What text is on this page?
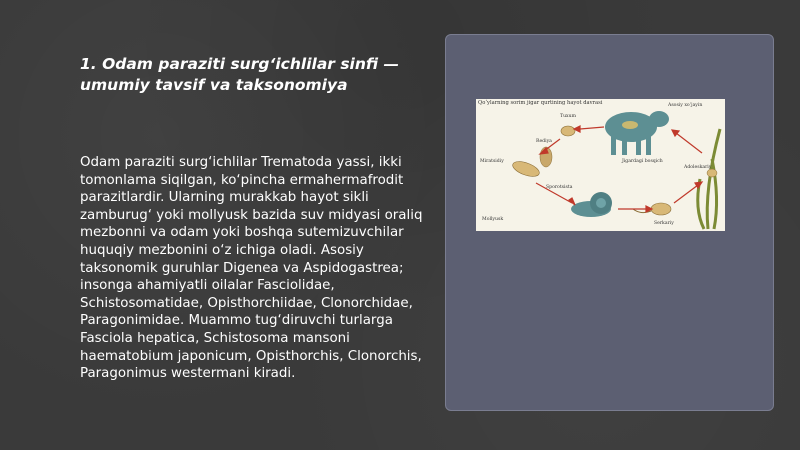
1. Odam paraziti surg‘ichlilar sinfi — umumiy tavsif va taksonomiya

Odam paraziti surg‘ichlilar Trematoda yassi, ikki tomonlama siqilgan, ko‘pincha ermahermafrodit parazitlardir. Ularning murakkab hayot sikli zamburug‘ yoki mollyusk bazida suv midyasi oraliq mezbonni va odam yoki boshqa sutemizuvchilar huquqiy mezbonini o‘z ichiga oladi. Asosiy taksonomik guruhlar Digenea va Aspidogastrea; insonga ahamiyatli oilalar Fasciolidae, Schistosomatidae, Opisthorchiidae, Clonorchidae, Paragonimidae. Muammo tug‘diruvchi turlarga Fasciola hepatica, Schistosoma mansoni haematobium japonicum, Opisthorchis, Clonorchis, Paragonimus westermani kiradi.

Qo‘ylarning sorim jigar qurtining hayot davrasi	Asosiy xo‘jayin
Tuxum
Miratsidiy
Sporotsista
Mollyusk
Jigardagi bosqich
Serkariy
Adoleskariy
Rediya
